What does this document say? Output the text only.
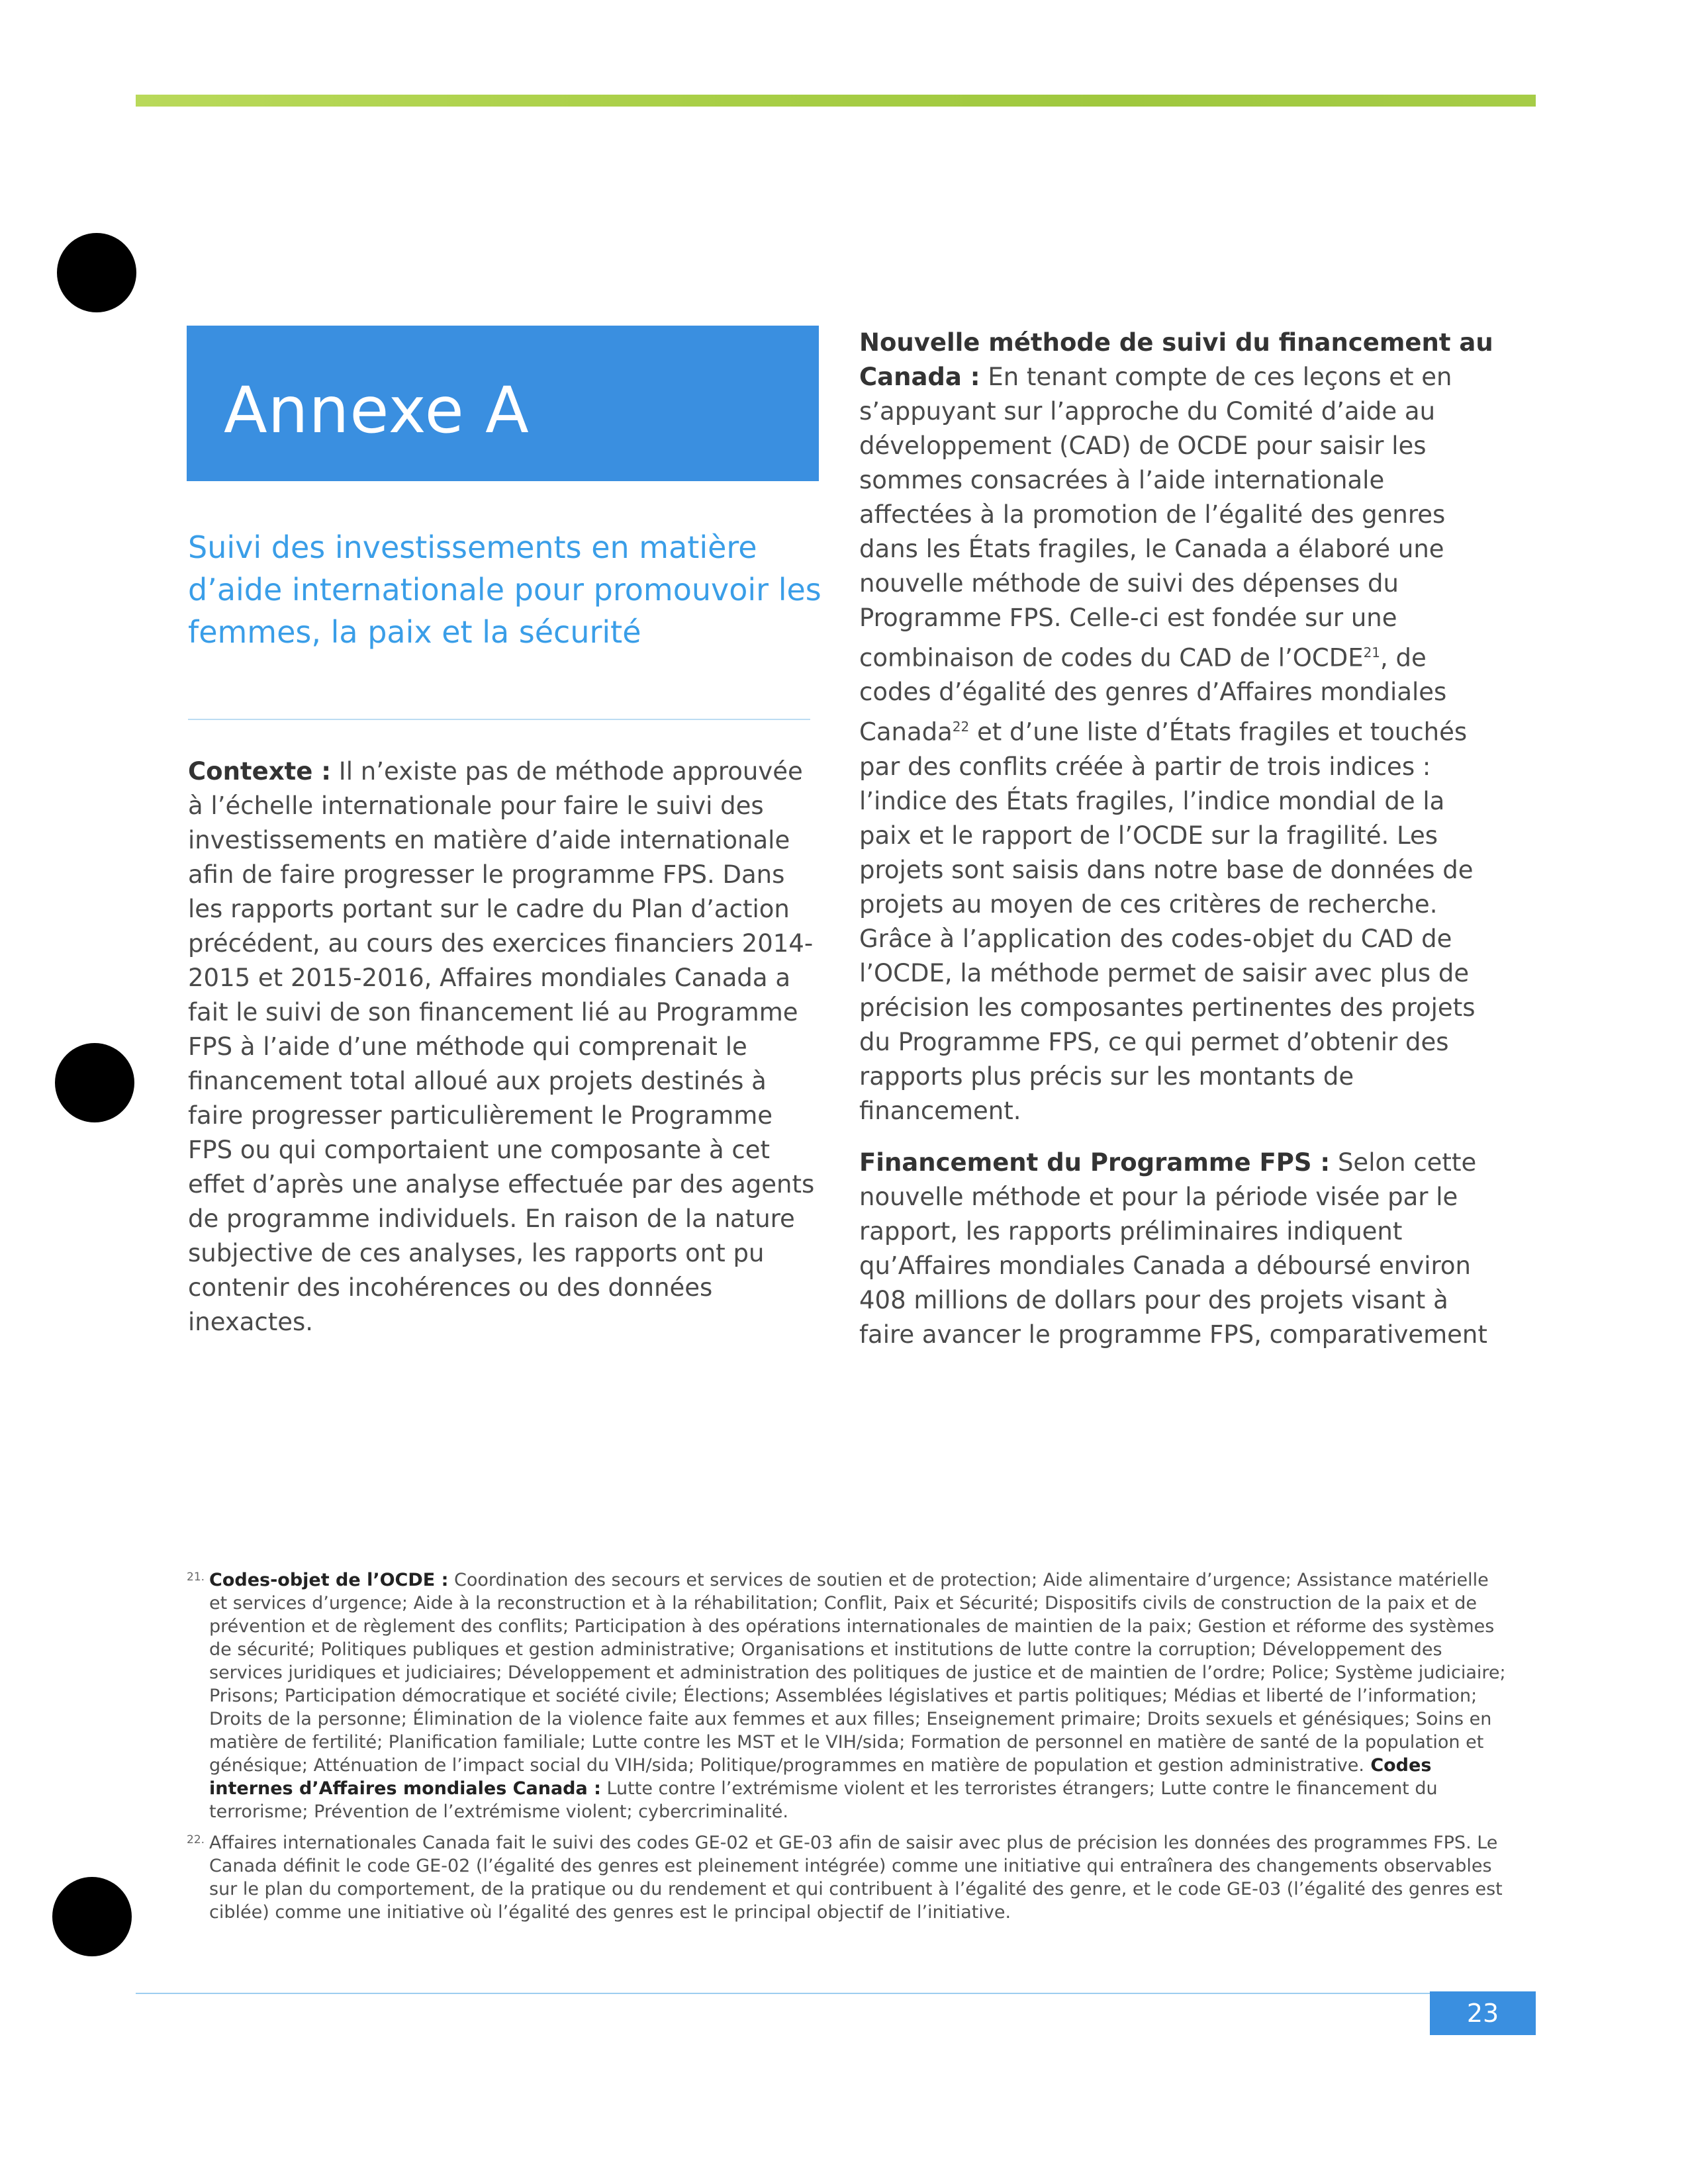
Annexe A
Suivi des investissements en matière d’aide internationale pour promouvoir les femmes, la paix et la sécurité

Contexte : Il n’existe pas de méthode approuvée à l’échelle internationale pour faire le suivi des investissements en matière d’aide internationale afin de faire progresser le programme FPS. Dans les rapports portant sur le cadre du Plan d’action précédent, au cours des exercices financiers 2014-2015 et 2015-2016, Affaires mondiales Canada a fait le suivi de son financement lié au Programme FPS à l’aide d’une méthode qui comprenait le financement total alloué aux projets destinés à faire progresser particulièrement le Programme FPS ou qui comportaient une composante à cet effet d’après une analyse effectuée par des agents de programme individuels. En raison de la nature subjective de ces analyses, les rapports ont pu contenir des incohérences ou des données inexactes.

Nouvelle méthode de suivi du financement au Canada : En tenant compte de ces leçons et en s’appuyant sur l’approche du Comité d’aide au développement (CAD) de OCDE pour saisir les sommes consacrées à l’aide internationale affectées à la promotion de l’égalité des genres dans les États fragiles, le Canada a élaboré une nouvelle méthode de suivi des dépenses du Programme FPS. Celle-ci est fondée sur une combinaison de codes du CAD de l’OCDE$^{21}$, de codes d’égalité des genres d’Affaires mondiales Canada$^{22}$ et d’une liste d’États fragiles et touchés par des conflits créée à partir de trois indices : l’indice des États fragiles, l’indice mondial de la paix et le rapport de l’OCDE sur la fragilité. Les projets sont saisis dans notre base de données de projets au moyen de ces critères de recherche. Grâce à l’application des codes-objet du CAD de l’OCDE, la méthode permet de saisir avec plus de précision les composantes pertinentes des projets du Programme FPS, ce qui permet d’obtenir des rapports plus précis sur les montants de financement.

Financement du Programme FPS : Selon cette nouvelle méthode et pour la période visée par le rapport, les rapports préliminaires indiquent qu’Affaires mondiales Canada a déboursé environ 408 millions de dollars pour des projets visant à faire avancer le programme FPS, comparativement

21. Codes-objet de l’OCDE : Coordination des secours et services de soutien et de protection; Aide alimentaire d’urgence; Assistance matérielle et services d’urgence; Aide à la reconstruction et à la réhabilitation; Conflit, Paix et Sécurité; Dispositifs civils de construction de la paix et de prévention et de règlement des conflits; Participation à des opérations internationales de maintien de la paix; Gestion et réforme des systèmes de sécurité; Politiques publiques et gestion administrative; Organisations et institutions de lutte contre la corruption; Développement des services juridiques et judiciaires; Développement et administration des politiques de justice et de maintien de l’ordre; Police; Système judiciaire; Prisons; Participation démocratique et société civile; Élections; Assemblées législatives et partis politiques; Médias et liberté de l’information; Droits de la personne; Élimination de la violence faite aux femmes et aux filles; Enseignement primaire; Droits sexuels et génésiques; Soins en matière de fertilité; Planification familiale; Lutte contre les MST et le VIH/sida; Formation de personnel en matière de santé de la population et génésique; Atténuation de l’impact social du VIH/sida; Politique/programmes en matière de population et gestion administrative. Codes internes d’Affaires mondiales Canada : Lutte contre l’extrémisme violent et les terroristes étrangers; Lutte contre le financement du terrorisme; Prévention de l’extrémisme violent; cybercriminalité.
22. Affaires internationales Canada fait le suivi des codes GE-02 et GE-03 afin de saisir avec plus de précision les données des programmes FPS. Le Canada définit le code GE-02 (l’égalité des genres est pleinement intégrée) comme une initiative qui entraînera des changements observables sur le plan du comportement, de la pratique ou du rendement et qui contribuent à l’égalité des genre, et le code GE-03 (l’égalité des genres est ciblée) comme une initiative où l’égalité des genres est le principal objectif de l’initiative.
23
